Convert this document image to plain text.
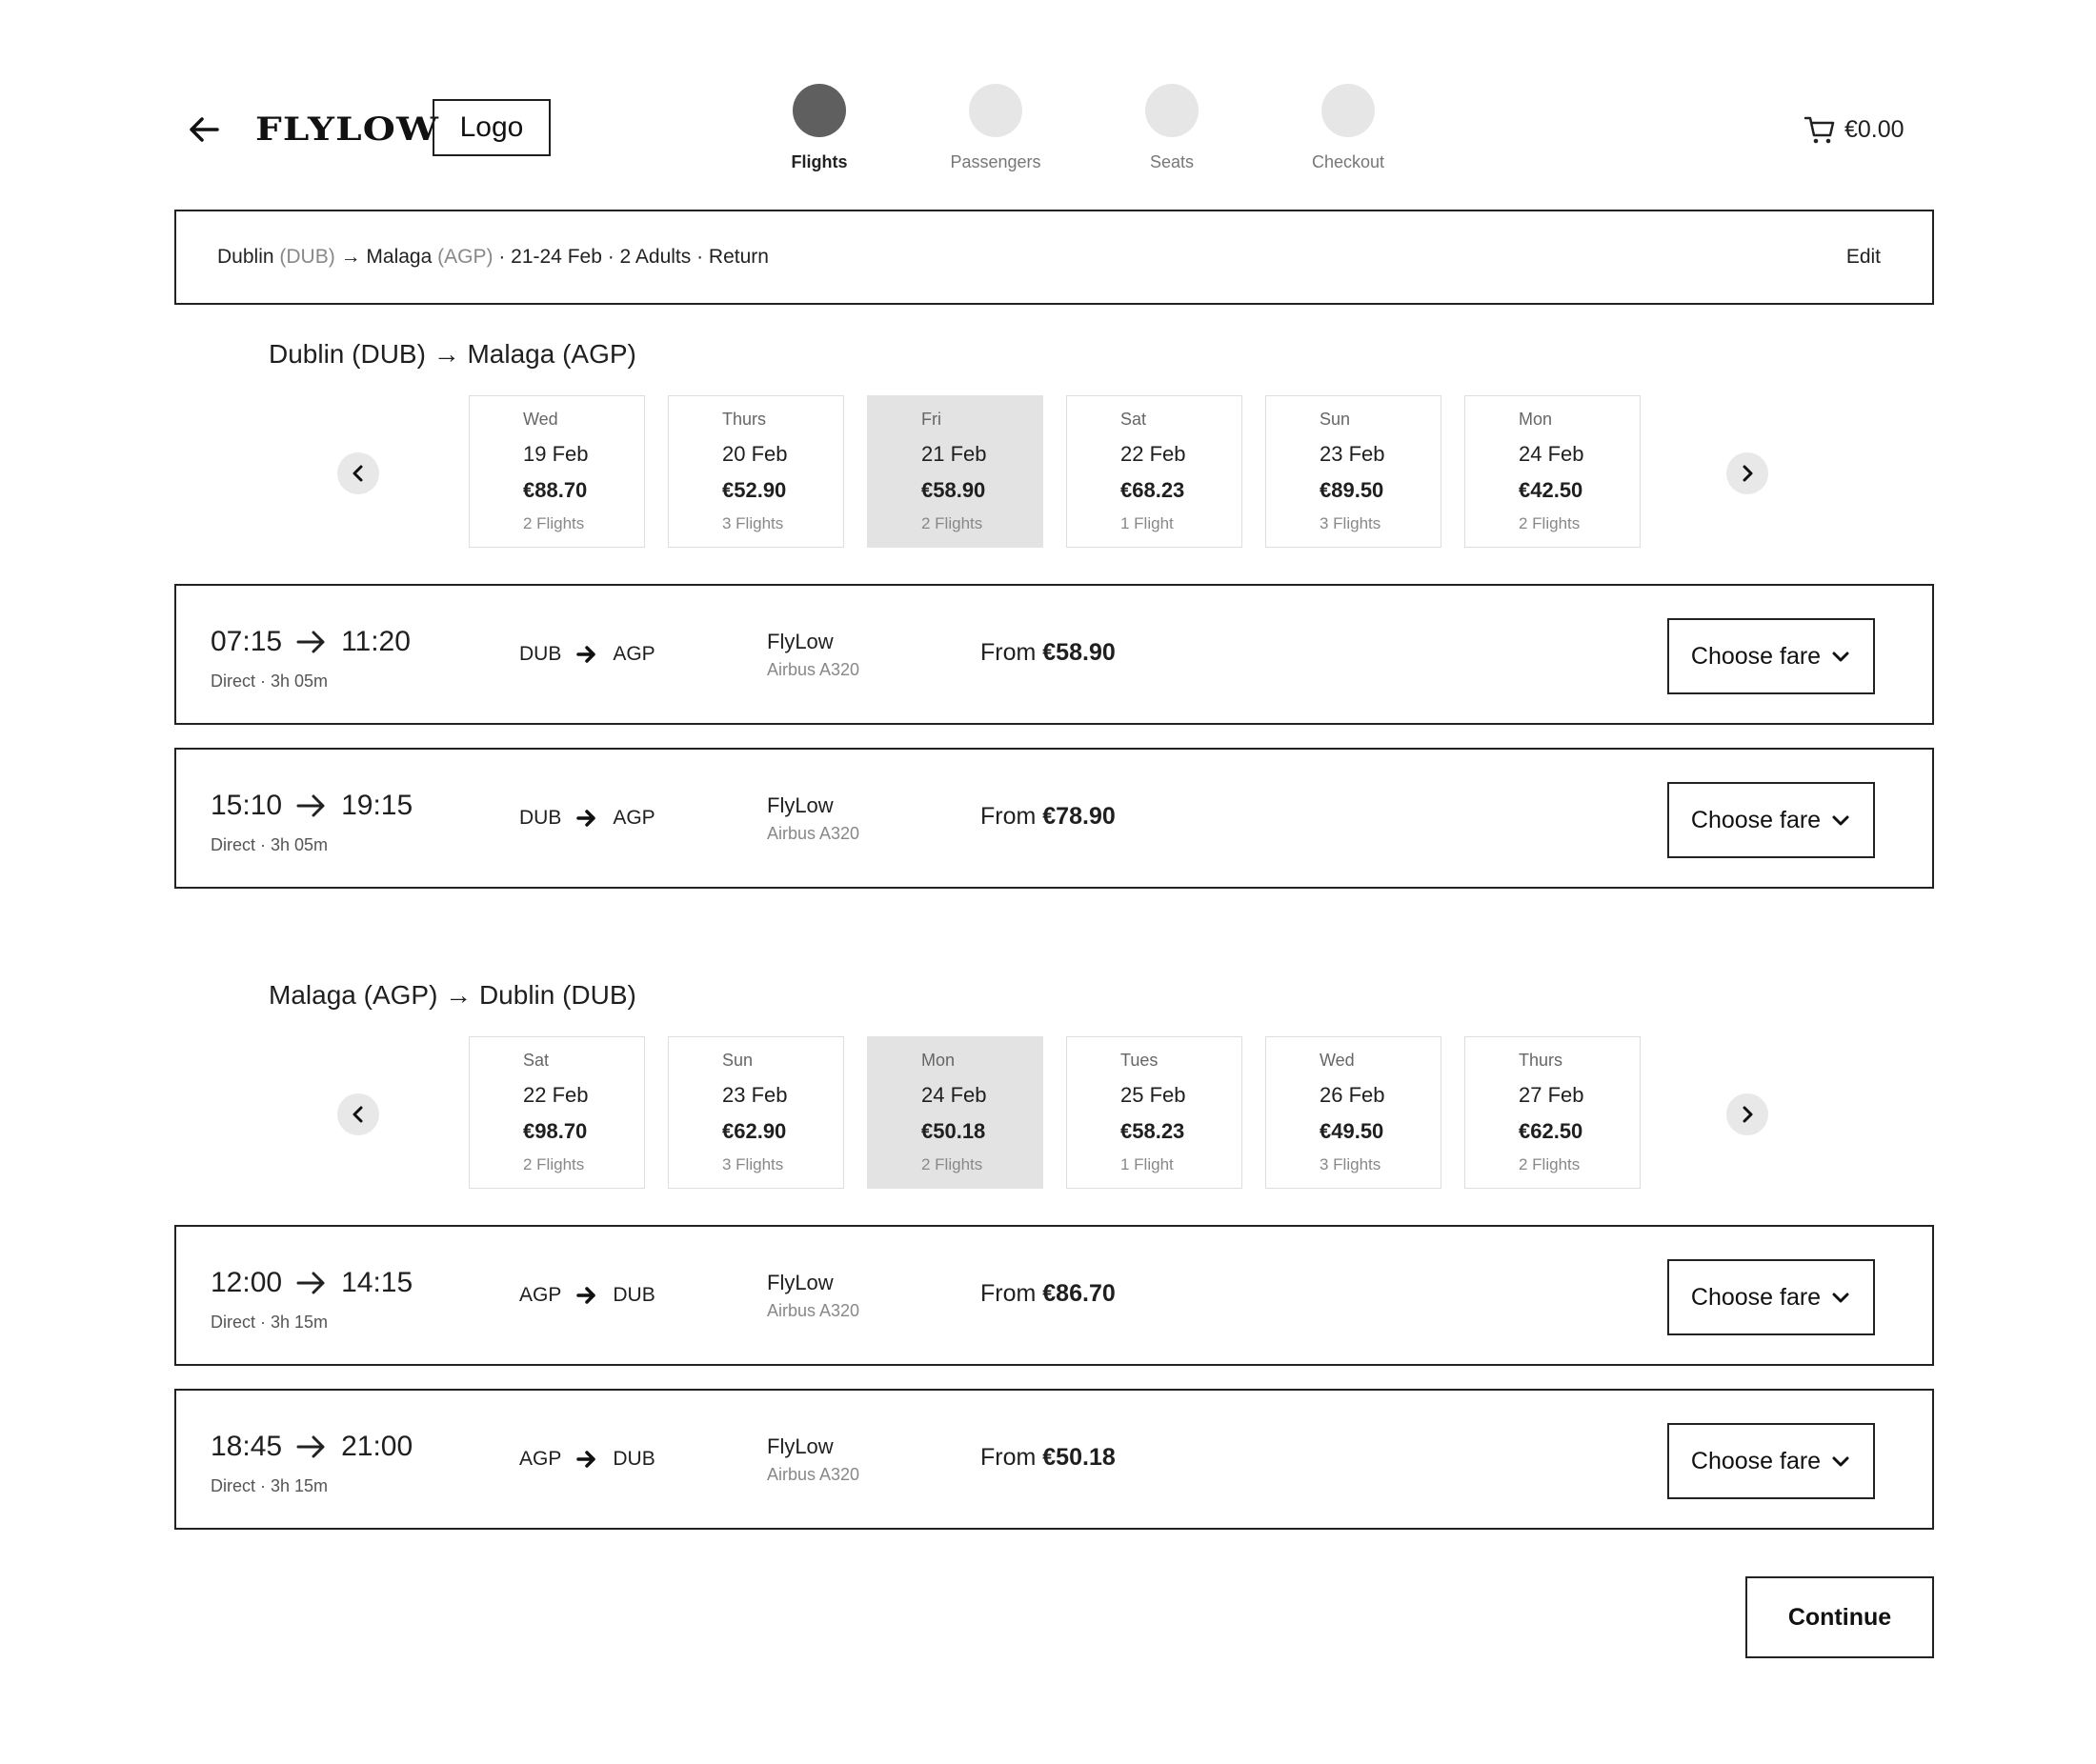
FLYLOW Logo
Flights	Passengers	Seats	Checkout
€0.00
Dublin (DUB) → Malaga (AGP) · 21-24 Feb · 2 Adults · Return	Edit
Dublin (DUB) → Malaga (AGP)
Wed
19 Feb
€88.70
2 Flights
Thurs
20 Feb
€52.90
3 Flights
Fri
21 Feb
€58.90
2 Flights
Sat
22 Feb
€68.23
1 Flight
Sun
23 Feb
€89.50
3 Flights
Mon
24 Feb
€42.50
2 Flights
07:15 11:20
Direct · 3h 05m
DUB	AGP
FlyLow
Airbus A320
From €58.90	Choose fare
15:10 19:15
Direct · 3h 05m
DUB	AGP
FlyLow
Airbus A320
From €78.90	Choose fare
Malaga (AGP) → Dublin (DUB)
Sat
22 Feb
€98.70
2 Flights
Sun
23 Feb
€62.90
3 Flights
Mon
24 Feb
€50.18
2 Flights
Tues
25 Feb
€58.23
1 Flight
Wed
26 Feb
€49.50
3 Flights
Thurs
27 Feb
€62.50
2 Flights
12:00 14:15
Direct · 3h 15m
AGP	DUB
FlyLow
Airbus A320
From €86.70	Choose fare
18:45 21:00
Direct · 3h 15m
AGP	DUB
FlyLow
Airbus A320
From €50.18	Choose fare
Continue
